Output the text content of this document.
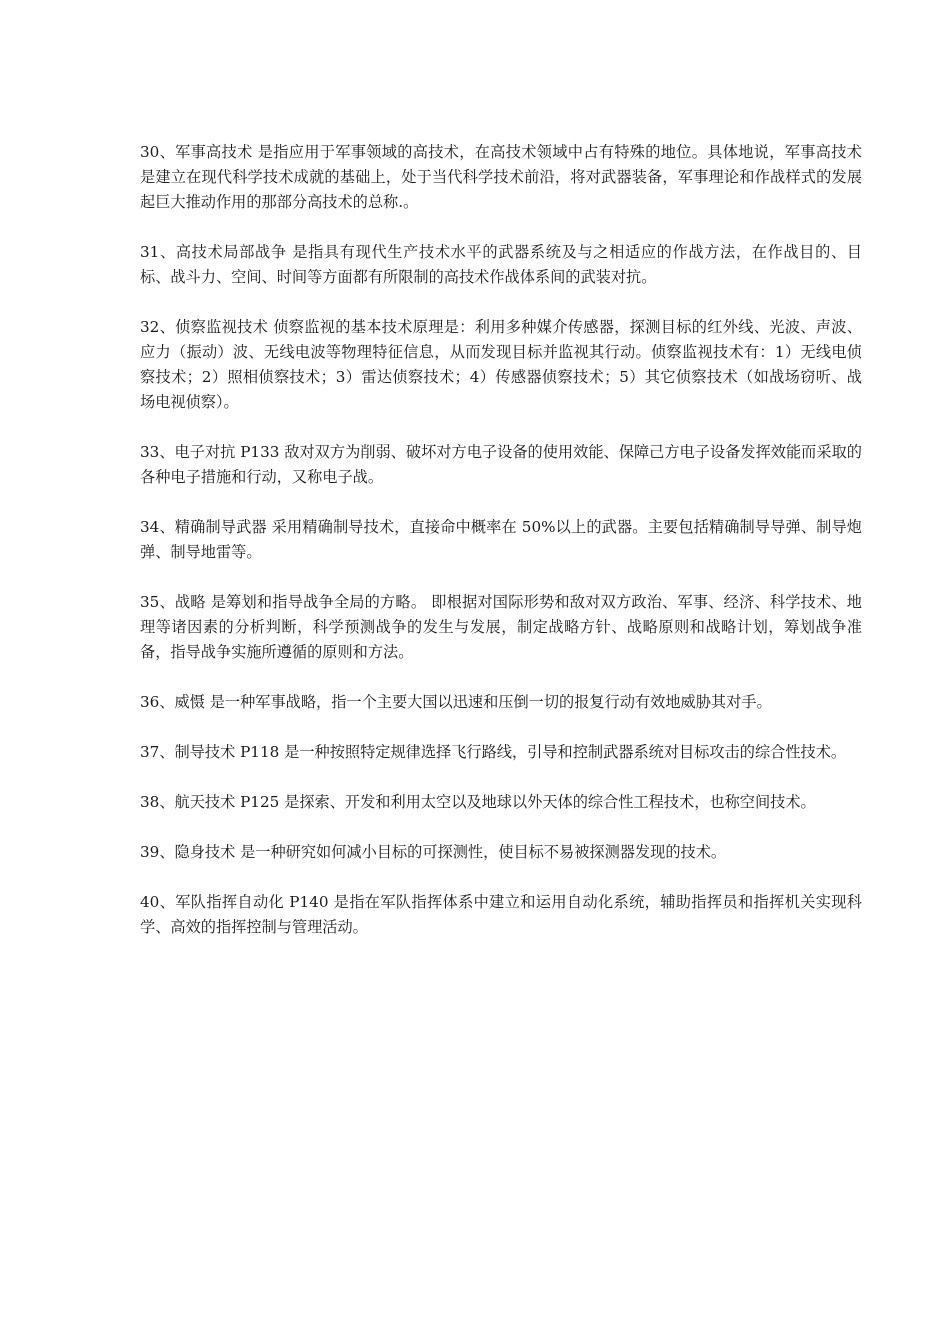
30、军事高技术 是指应用于军事领域的高技术，在高技术领域中占有特殊的地位。具体地说，军事高技术是建立在现代科学技术成就的基础上，处于当代科学技术前沿，将对武器装备，军事理论和作战样式的发展起巨大推动作用的那部分高技术的总称.。

31、高技术局部战争 是指具有现代生产技术水平的武器系统及与之相适应的作战方法，在作战目的、目标、战斗力、空间、时间等方面都有所限制的高技术作战体系间的武装对抗。

32、侦察监视技术 侦察监视的基本技术原理是：利用多种媒介传感器，探测目标的红外线、光波、声波、应力（振动）波、无线电波等物理特征信息，从而发现目标并监视其行动。侦察监视技术有：1）无线电侦察技术；2）照相侦察技术；3）雷达侦察技术；4）传感器侦察技术；5）其它侦察技术（如战场窃听、战场电视侦察）。

33、电子对抗 P133 敌对双方为削弱、破坏对方电子设备的使用效能、保障己方电子设备发挥效能而采取的各种电子措施和行动，又称电子战。

34、精确制导武器 采用精确制导技术，直接命中概率在 50%以上的武器。主要包括精确制导导弹、制导炮弹、制导地雷等。

35、战略 是筹划和指导战争全局的方略。 即根据对国际形势和敌对双方政治、军事、经济、科学技术、地理等诸因素的分析判断，科学预测战争的发生与发展，制定战略方针、战略原则和战略计划，筹划战争准备，指导战争实施所遵循的原则和方法。

36、威慑 是一种军事战略，指一个主要大国以迅速和压倒一切的报复行动有效地威胁其对手。

37、制导技术 P118 是一种按照特定规律选择飞行路线，引导和控制武器系统对目标攻击的综合性技术。

38、航天技术 P125 是探索、开发和利用太空以及地球以外天体的综合性工程技术，也称空间技术。

39、隐身技术 是一种研究如何减小目标的可探测性，使目标不易被探测器发现的技术。

40、军队指挥自动化 P140 是指在军队指挥体系中建立和运用自动化系统，辅助指挥员和指挥机关实现科学、高效的指挥控制与管理活动。
